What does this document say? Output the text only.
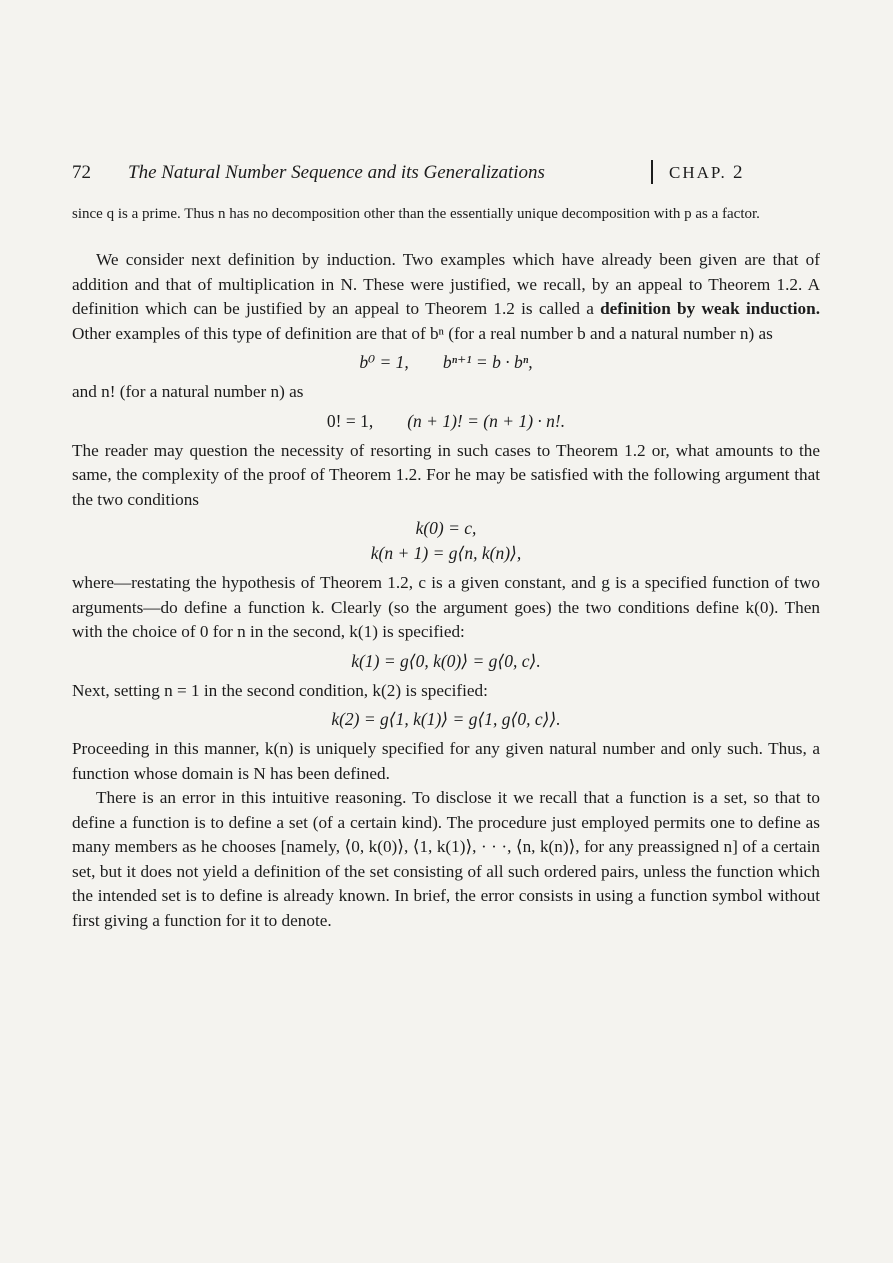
72 The Natural Number Sequence and its Generalizations	CHAP. 2

since q is a prime. Thus n has no decomposition other than the essentially unique decomposition with p as a factor.

We consider next definition by induction. Two examples which have already been given are that of addition and that of multiplication in N. These were justified, we recall, by an appeal to Theorem 1.2. A definition which can be justified by an appeal to Theorem 1.2 is called a definition by weak induction. Other examples of this type of definition are that of bⁿ (for a real number b and a natural number n) as

b⁰ = 1, bⁿ⁺¹ = b · bⁿ,

and n! (for a natural number n) as

0! = 1, (n + 1)! = (n + 1) · n!.

The reader may question the necessity of resorting in such cases to Theorem 1.2 or, what amounts to the same, the complexity of the proof of Theorem 1.2. For he may be satisfied with the following argument that the two conditions

k(0) = c,
k(n + 1) = g⟨n, k(n)⟩,

where—restating the hypothesis of Theorem 1.2, c is a given constant, and g is a specified function of two arguments—do define a function k. Clearly (so the argument goes) the two conditions define k(0). Then with the choice of 0 for n in the second, k(1) is specified:

k(1) = g⟨0, k(0)⟩ = g⟨0, c⟩.

Next, setting n = 1 in the second condition, k(2) is specified:

k(2) = g⟨1, k(1)⟩ = g⟨1, g⟨0, c⟩⟩.

Proceeding in this manner, k(n) is uniquely specified for any given natural number and only such. Thus, a function whose domain is N has been defined.

There is an error in this intuitive reasoning. To disclose it we recall that a function is a set, so that to define a function is to define a set (of a certain kind). The procedure just employed permits one to define as many members as he chooses [namely, ⟨0, k(0)⟩, ⟨1, k(1)⟩, · · ·, ⟨n, k(n)⟩, for any preassigned n] of a certain set, but it does not yield a definition of the set consisting of all such ordered pairs, unless the function which the intended set is to define is already known. In brief, the error consists in using a function symbol without first giving a function for it to denote.
